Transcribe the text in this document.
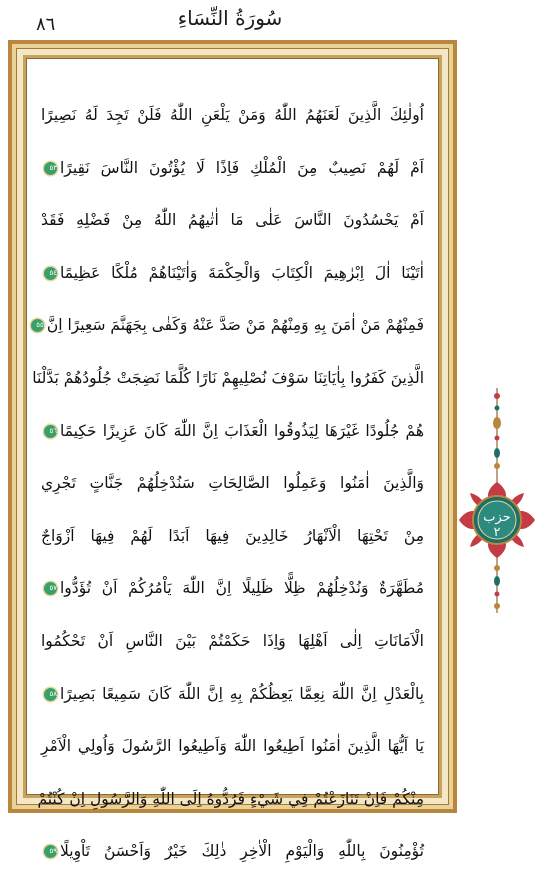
سُورَةُ النِّسَاءِ
٨٦
اُولٰئِكَ الَّذِينَ لَعَنَهُمُ اللّٰهُ وَمَنْ يَلْعَنِ اللّٰهُ فَلَنْ تَجِدَ لَهُ نَصِيرًا
اَمْ لَهُمْ نَصِيبٌ مِنَ الْمُلْكِ فَاِذًا لَا يُؤْتُونَ النَّاسَ نَقِيرًا٥٣
اَمْ يَحْسُدُونَ النَّاسَ عَلٰى مَا اٰتٰيهُمُ اللّٰهُ مِنْ فَضْلِهِ فَقَدْ
اٰتَيْنَا اٰلَ اِبْرٰهِيمَ الْكِتَابَ وَالْحِكْمَةَ وَاٰتَيْنَاهُمْ مُلْكًا عَظِيمًا٥٤
فَمِنْهُمْ مَنْ اٰمَنَ بِهِ وَمِنْهُمْ مَنْ صَدَّ عَنْهُ وَكَفٰى بِجَهَنَّمَ سَعِيرًا اِنَّ٥٥
الَّذِينَ كَفَرُوا بِاٰيَاتِنَا سَوْفَ نُصْلِيهِمْ نَارًا كُلَّمَا نَضِجَتْ جُلُودُهُمْ بَدَّلْنَا
هُمْ جُلُودًا غَيْرَهَا لِيَذُوقُوا الْعَذَابَ اِنَّ اللّٰهَ كَانَ عَزِيزًا حَكِيمًا٥٦
وَالَّذِينَ اٰمَنُوا وَعَمِلُوا الصَّالِحَاتِ سَنُدْخِلُهُمْ جَنَّاتٍ تَجْرِي
مِنْ تَحْتِهَا الْاَنْهَارُ خَالِدِينَ فِيهَا اَبَدًا لَهُمْ فِيهَا اَزْوَاجٌ
مُطَهَّرَةٌ وَنُدْخِلُهُمْ ظِلًّا ظَلِيلًا اِنَّ اللّٰهَ يَاْمُرُكُمْ اَنْ تُؤَدُّوا٥٧
الْاَمَانَاتِ اِلٰى اَهْلِهَا وَاِذَا حَكَمْتُمْ بَيْنَ النَّاسِ اَنْ تَحْكُمُوا
بِالْعَدْلِ اِنَّ اللّٰهَ نِعِمَّا يَعِظُكُمْ بِهِ اِنَّ اللّٰهَ كَانَ سَمِيعًا بَصِيرًا٥٨
يَا اَيُّهَا الَّذِينَ اٰمَنُوا اَطِيعُوا اللّٰهَ وَاَطِيعُوا الرَّسُولَ وَاُولِي الْاَمْرِ
مِنْكُمْ فَاِنْ تَنَازَعْتُمْ فِي شَيْءٍ فَرُدُّوهُ اِلَى اللّٰهِ وَالرَّسُولِ اِنْ كُنْتُمْ
تُؤْمِنُونَ بِاللّٰهِ وَالْيَوْمِ الْاٰخِرِ ذٰلِكَ خَيْرٌ وَاَحْسَنُ تَاْوِيلًا٥٩
حزب ٢
